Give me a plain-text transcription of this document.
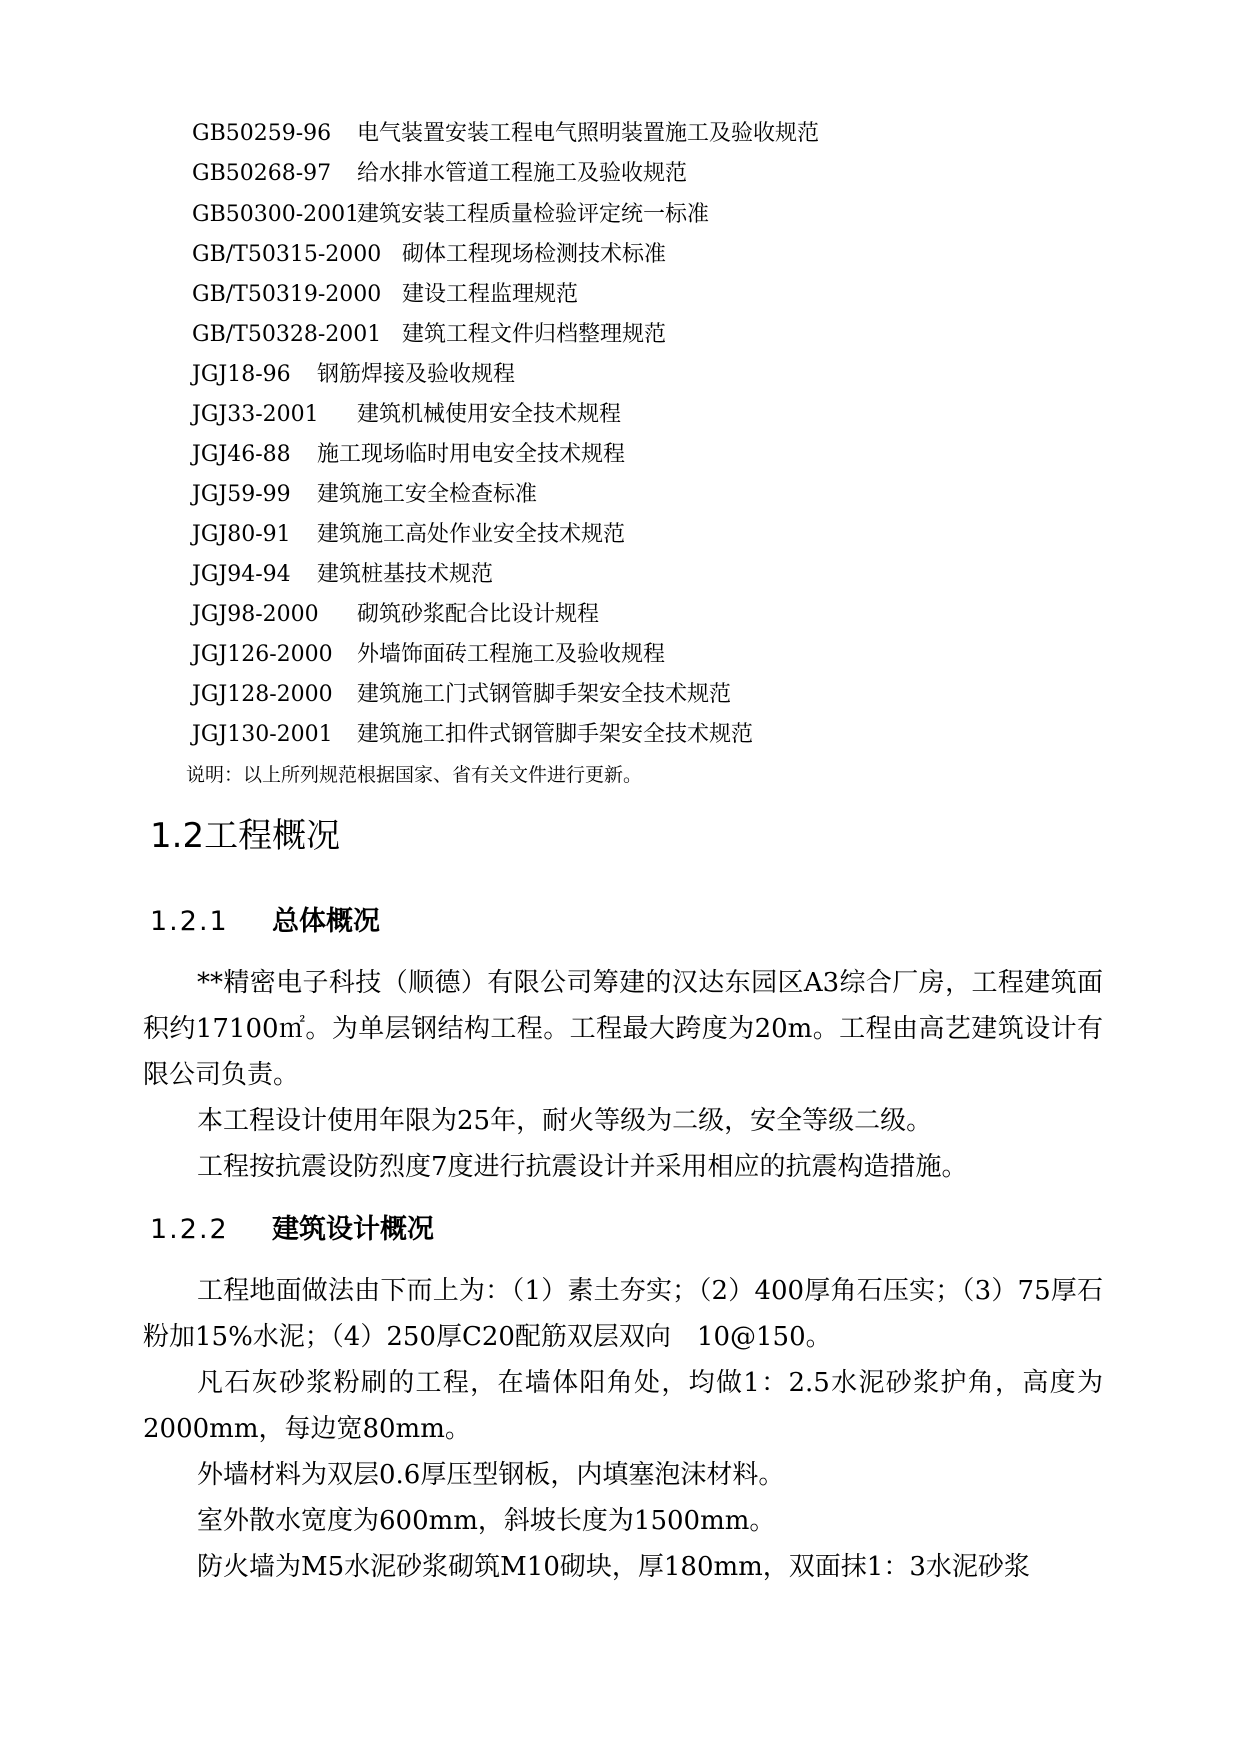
GB50259-96 电气装置安装工程电气照明装置施工及验收规范
GB50268-97 给水排水管道工程施工及验收规范
GB50300-2001
建筑安装工程质量检验评定统一标准
GB/T50315-2000 砌体工程现场检测技术标准
GB/T50319-2000 建设工程监理规范
GB/T50328-2001 建筑工程文件归档整理规范
JGJ18-96 钢筋焊接及验收规程
JGJ33-2001 建筑机械使用安全技术规程
JGJ46-88 施工现场临时用电安全技术规程
JGJ59-99 建筑施工安全检查标准
JGJ80-91 建筑施工高处作业安全技术规范
JGJ94-94 建筑桩基技术规范
JGJ98-2000 砌筑砂浆配合比设计规程
JGJ126-2000 外墙饰面砖工程施工及验收规程
JGJ128-2000 建筑施工门式钢管脚手架安全技术规范
JGJ130-2001 建筑施工扣件式钢管脚手架安全技术规范
说明：以上所列规范根据国家、省有关文件进行更新。
1.2工程概况
1.2.1 总体概况

**精密电子科技（顺德）有限公司筹建的汉达东园区A3综合厂房，工程建筑面积约17100㎡。为单层钢结构工程。工程最大跨度为20m。工程由高艺建筑设计有限公司负责。

本工程设计使用年限为25年，耐火等级为二级，安全等级二级。

工程按抗震设防烈度7度进行抗震设计并采用相应的抗震构造措施。

1.2.2 建筑设计概况

工程地面做法由下而上为：（1）素土夯实；（2）400厚角石压实；（3）75厚石粉加15%水泥；（4）250厚C20配筋双层双向　10@150。

凡石灰砂浆粉刷的工程，在墙体阳角处，均做1：2.5水泥砂浆护角，高度为2000mm，每边宽80mm。

外墙材料为双层0.6厚压型钢板，内填塞泡沫材料。

室外散水宽度为600mm，斜坡长度为1500mm。

防火墙为M5水泥砂浆砌筑M10砌块，厚180mm，双面抹1：3水泥砂浆
